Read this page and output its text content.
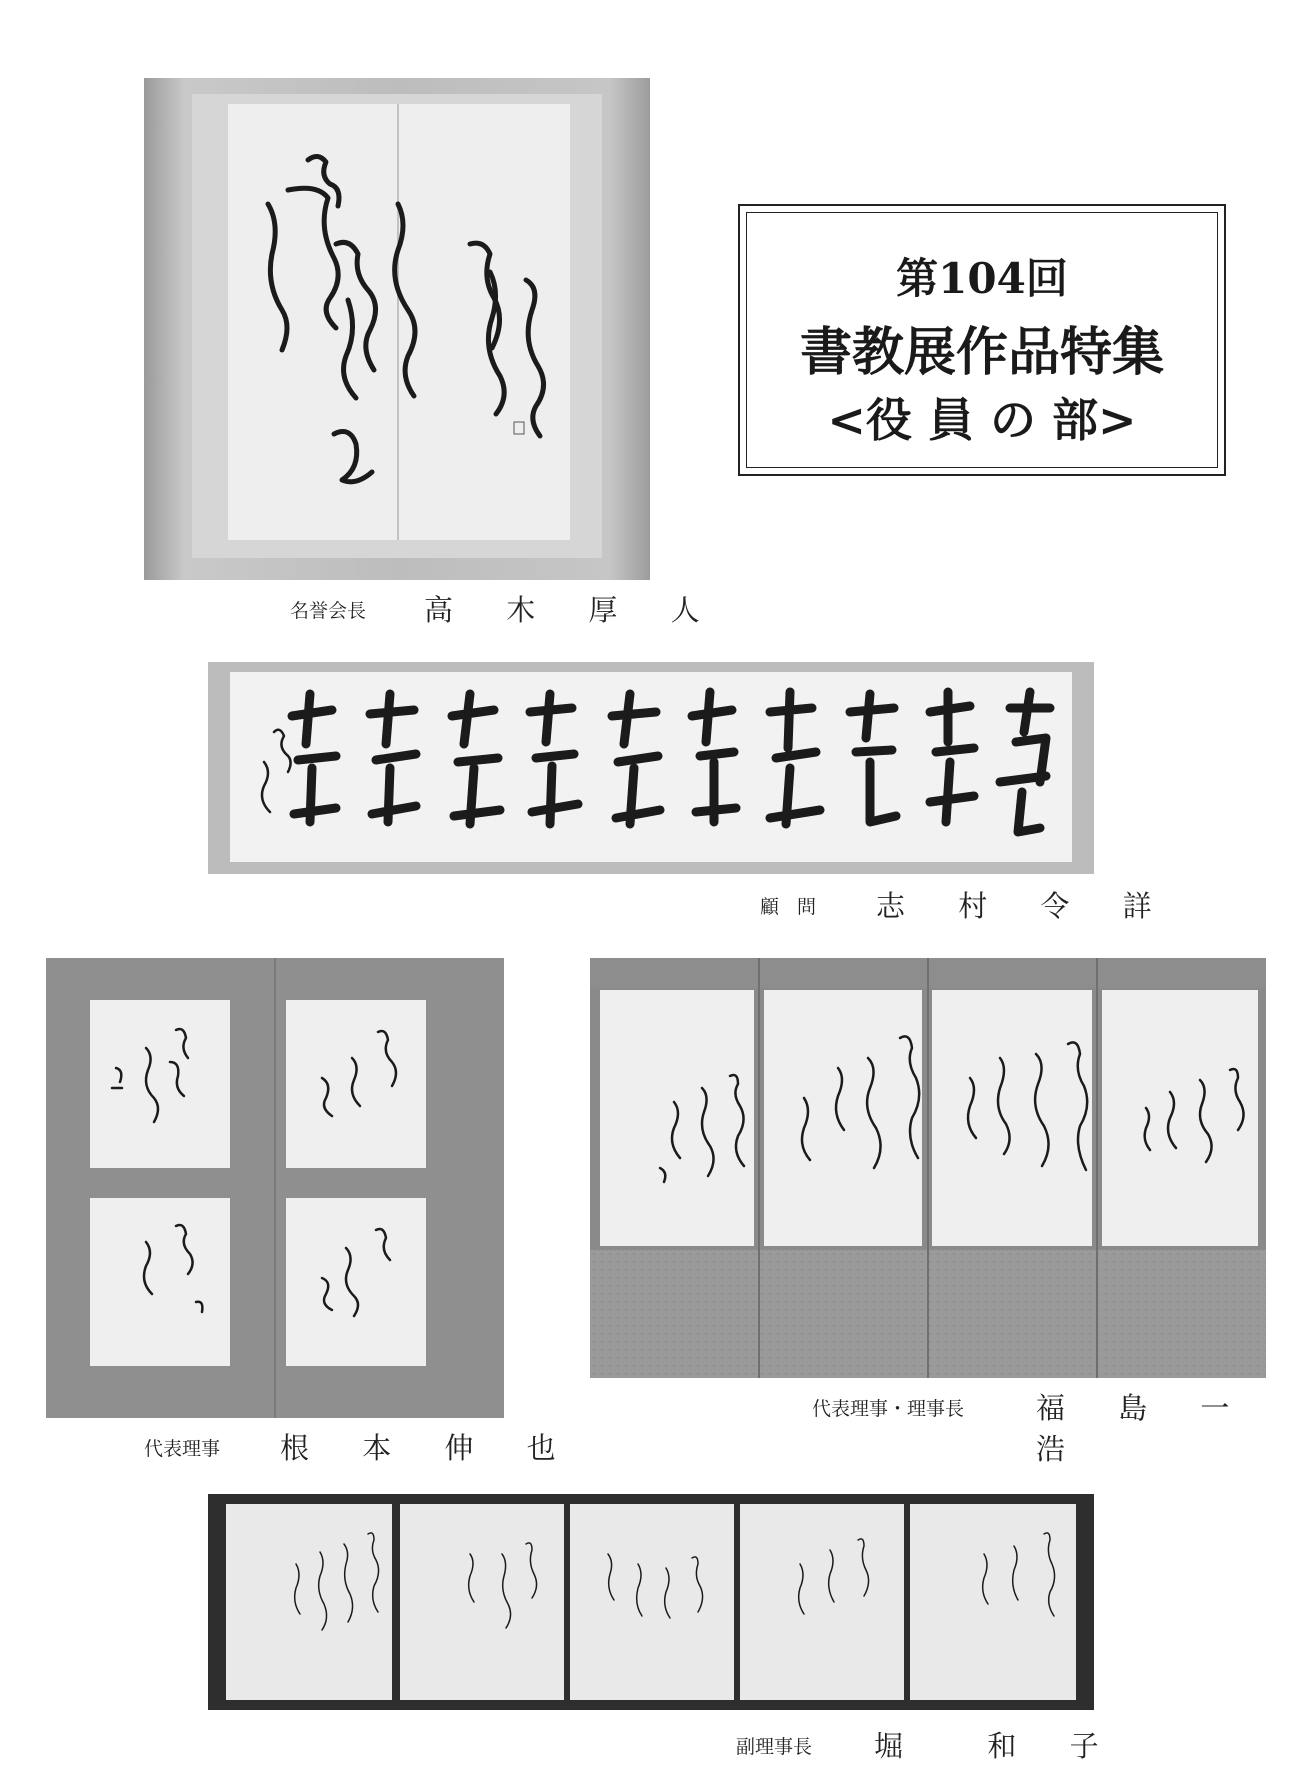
名誉会長 高 木 厚 人
第104回
書教展作品特集
<役 員 の 部>
顧 問 志 村 令 詳
代表理事 根 本 伸 也
代表理事・理事長 福 島 一 浩
副理事長 堀  和 子
